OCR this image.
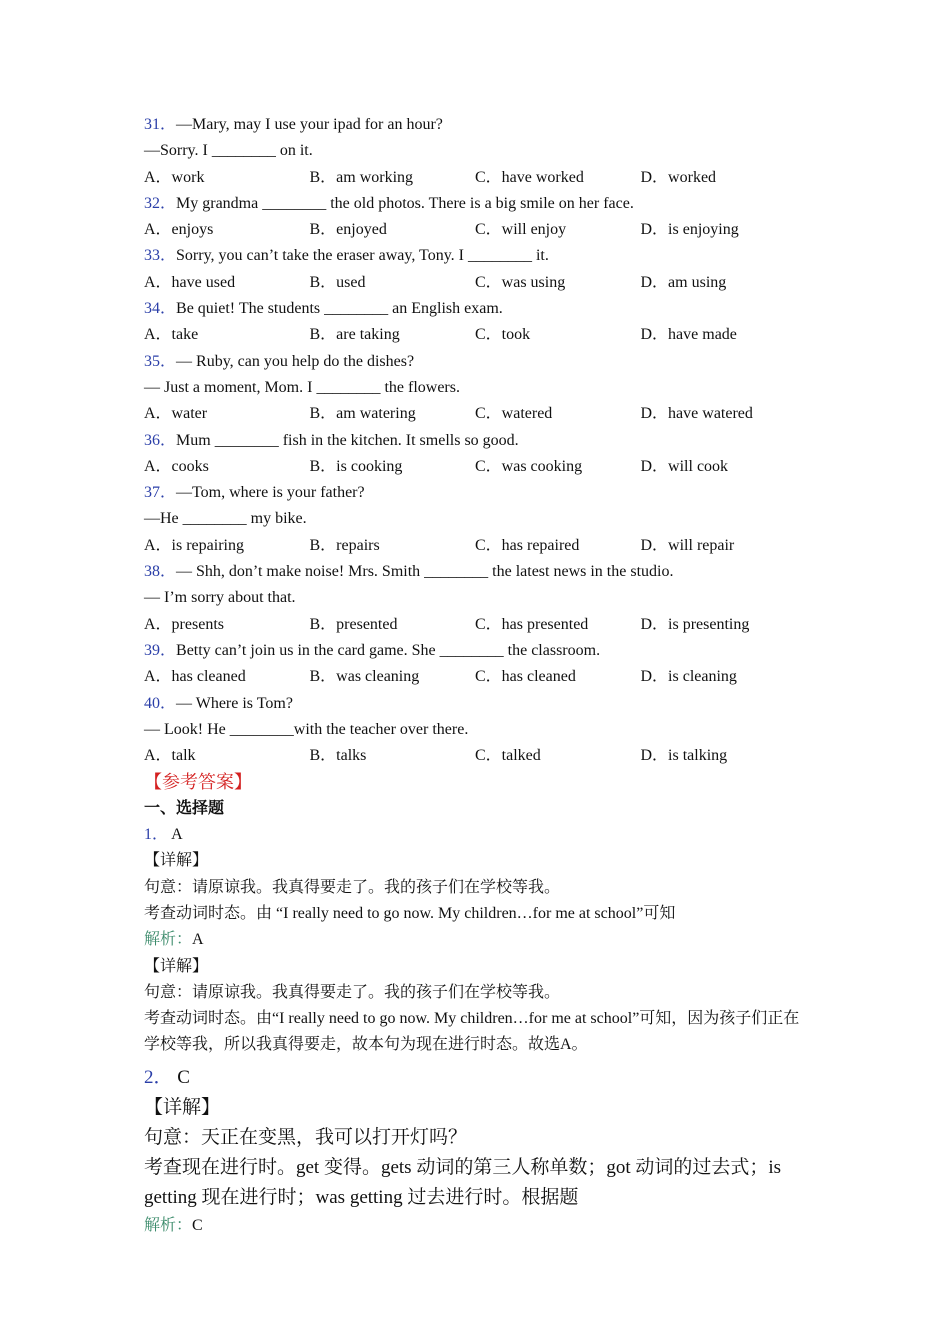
31．—Mary, may I use your ipad for an hour?
—Sorry. I ________ on it.
A．work	B．am working	C．have worked	D．worked
32．My grandma ________ the old photos. There is a big smile on her face.
A．enjoys	B．enjoyed	C．will enjoy	D．is enjoying
33．Sorry, you can’t take the eraser away, Tony. I ________ it.
A．have used	B．used	C．was using	D．am using
34．Be quiet! The students ________ an English exam.
A．take	B．are taking	C．took	D．have made
35．— Ruby, can you help do the dishes?
— Just a moment, Mom. I ________ the flowers.
A．water	B．am watering	C．watered	D．have watered
36．Mum ________ fish in the kitchen. It smells so good.
A．cooks	B．is cooking	C．was cooking	D．will cook
37．—Tom, where is your father?
—He ________ my bike.
A．is repairing	B．repairs	C．has repaired	D．will repair
38．— Shh, don’t make noise! Mrs. Smith ________ the latest news in the studio.
— I’m sorry about that.
A．presents	B．presented	C．has presented	D．is presenting
39．Betty can’t join us in the card game. She ________ the classroom.
A．has cleaned	B．was cleaning	C．has cleaned	D．is cleaning
40．— Where is Tom?
— Look! He ________with the teacher over there.
A．talk	B．talks	C．talked	D．is talking
【参考答案】
一、选择题
1． A
【详解】
句意：请原谅我。我真得要走了。我的孩子们在学校等我。
考查动词时态。由 “I really need to go now. My children…for me at school”可知
解析：A
【详解】
句意：请原谅我。我真得要走了。我的孩子们在学校等我。
考查动词时态。由“I really need to go now. My children…for me at school”可知，因为孩子们正在学校等我，所以我真得要走，故本句为现在进行时态。故选A。
2． C
【详解】
句意：天正在变黑，我可以打开灯吗？
考查现在进行时。get 变得。gets 动词的第三人称单数；got 动词的过去式；is getting 现在进行时；was getting 过去进行时。根据题
解析：C
